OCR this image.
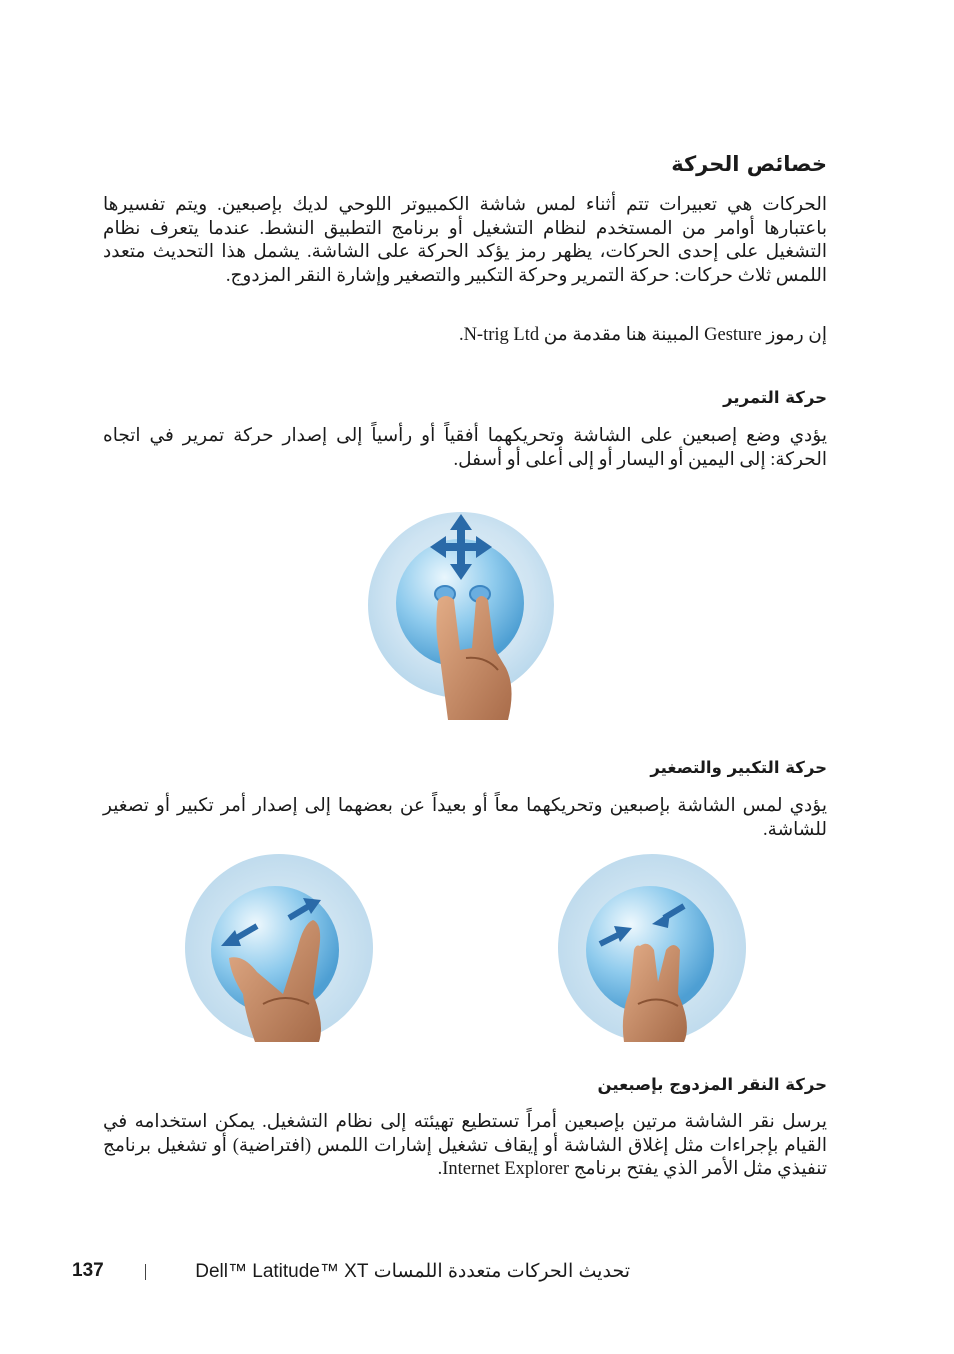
خصائص الحركة

الحركات هي تعبيرات تتم أثناء لمس شاشة الكمبيوتر اللوحي لديك بإصبعين. ويتم تفسيرها باعتبارها أوامر من المستخدم لنظام التشغيل أو برنامج التطبيق النشط. عندما يتعرف نظام التشغيل على إحدى الحركات، يظهر رمز يؤكد الحركة على الشاشة. يشمل هذا التحديث متعدد اللمس ثلاث حركات: حركة التمرير وحركة التكبير والتصغير وإشارة النقر المزدوج.

إن رموز Gesture المبينة هنا مقدمة من N-trig Ltd.

حركة التمرير

يؤدي وضع إصبعين على الشاشة وتحريكهما أفقياً أو رأسياً إلى إصدار حركة تمرير في اتجاه الحركة: إلى اليمين أو اليسار أو إلى أعلى أو أسفل.

حركة التكبير والتصغير

يؤدي لمس الشاشة بإصبعين وتحريكهما معاً أو بعيداً عن بعضهما إلى إصدار أمر تكبير أو تصغير للشاشة.

حركة النقر المزدوج بإصبعين

يرسل نقر الشاشة مرتين بإصبعين أمراً تستطيع تهيئته إلى نظام التشغيل. يمكن استخدامه في القيام بإجراءات مثل إغلاق الشاشة أو إيقاف تشغيل إشارات اللمس (افتراضية) أو تشغيل برنامج تنفيذي مثل الأمر الذي يفتح برنامج Internet Explorer.

137	تحديث الحركات متعددة اللمسات Dell™ Latitude™ XT
